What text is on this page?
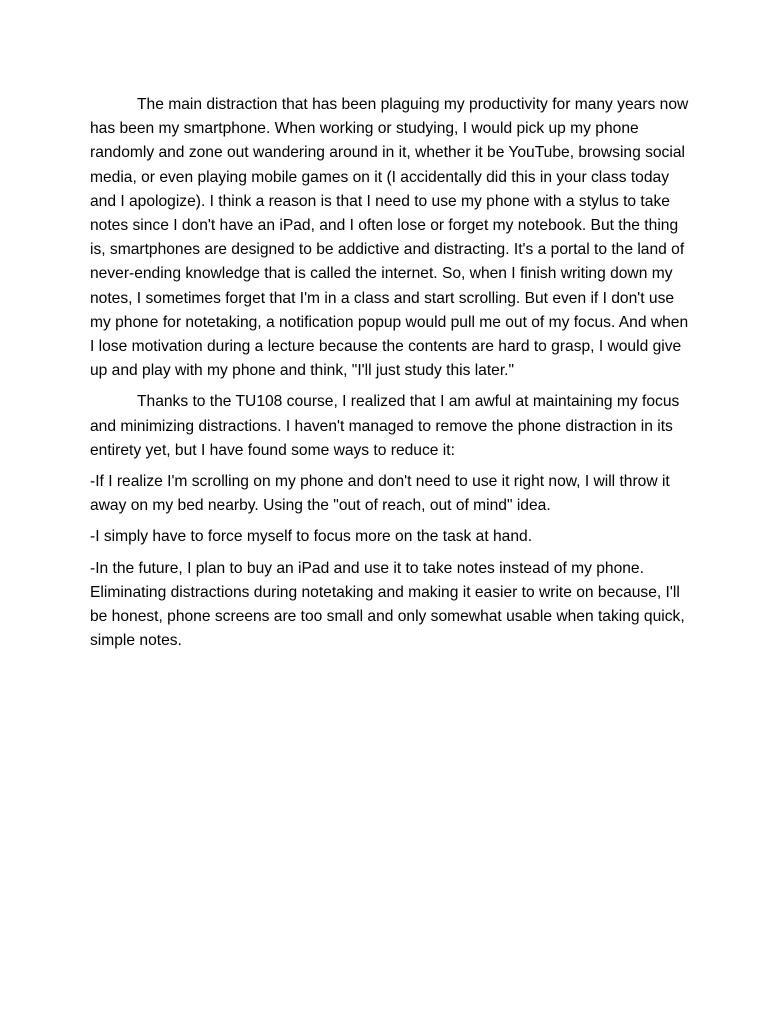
The main distraction that has been plaguing my productivity for many years now has been my smartphone. When working or studying, I would pick up my phone randomly and zone out wandering around in it, whether it be YouTube, browsing social media, or even playing mobile games on it (I accidentally did this in your class today and I apologize). I think a reason is that I need to use my phone with a stylus to take notes since I don't have an iPad, and I often lose or forget my notebook. But the thing is, smartphones are designed to be addictive and distracting. It's a portal to the land of never-ending knowledge that is called the internet. So, when I finish writing down my notes, I sometimes forget that I'm in a class and start scrolling. But even if I don't use my phone for notetaking, a notification popup would pull me out of my focus. And when I lose motivation during a lecture because the contents are hard to grasp, I would give up and play with my phone and think, "I'll just study this later."

Thanks to the TU108 course, I realized that I am awful at maintaining my focus and minimizing distractions. I haven't managed to remove the phone distraction in its entirety yet, but I have found some ways to reduce it:

-If I realize I'm scrolling on my phone and don't need to use it right now, I will throw it away on my bed nearby. Using the "out of reach, out of mind" idea.

-I simply have to force myself to focus more on the task at hand.

-In the future, I plan to buy an iPad and use it to take notes instead of my phone. Eliminating distractions during notetaking and making it easier to write on because, I'll be honest, phone screens are too small and only somewhat usable when taking quick, simple notes.
